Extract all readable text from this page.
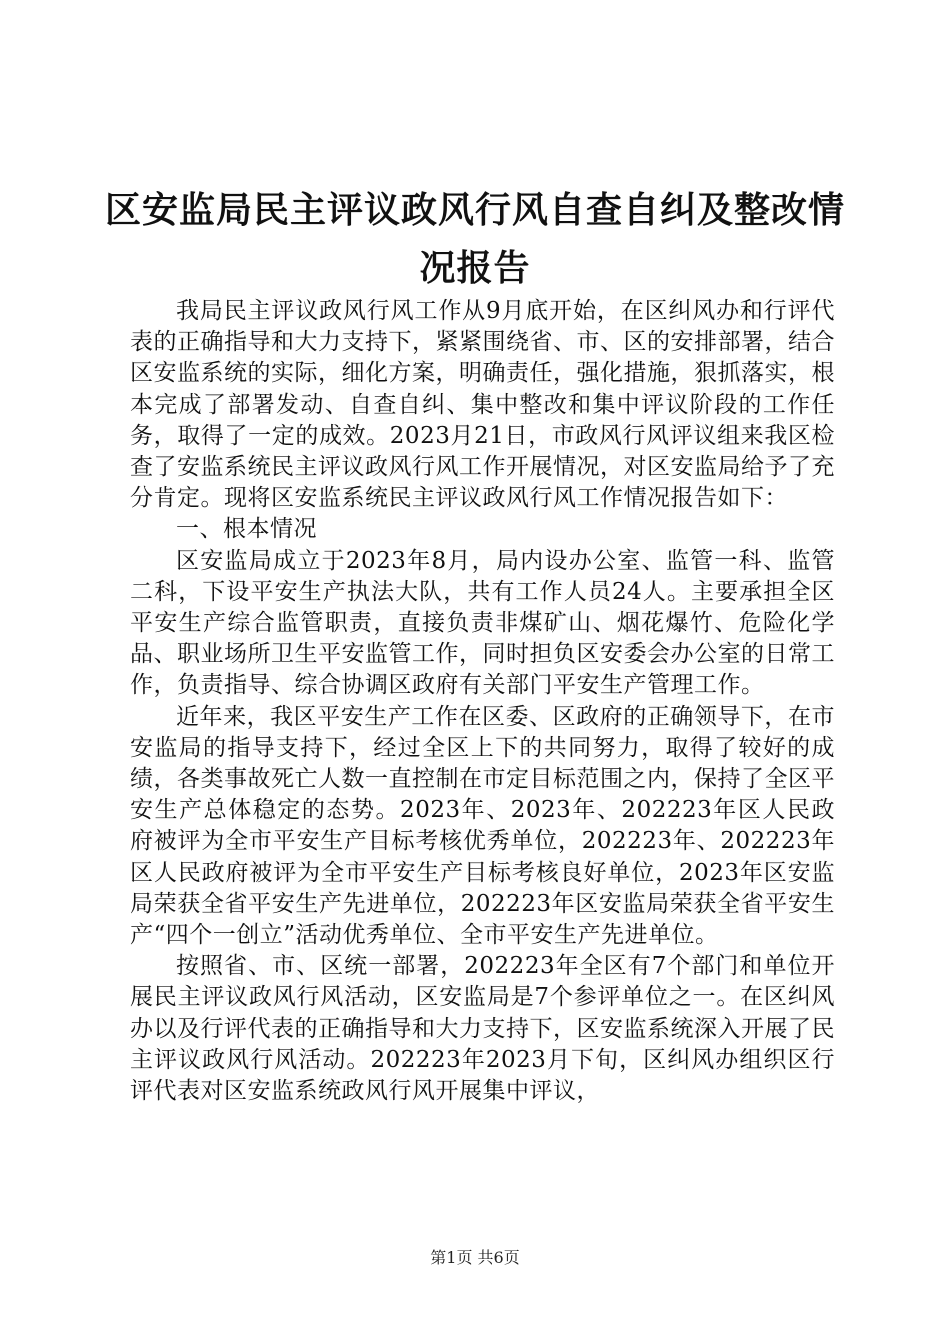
区安监局民主评议政风行风自查自纠及整改情
况报告

我局民主评议政风行风工作从9月底开始，在区纠风办和行评代表的正确指导和大力支持下，紧紧围绕省、市、区的安排部署，结合区安监系统的实际，细化方案，明确责任，强化措施，狠抓落实，根本完成了部署发动、自查自纠、集中整改和集中评议阶段的工作任务，取得了一定的成效。2023月21日，市政风行风评议组来我区检查了安监系统民主评议政风行风工作开展情况，对区安监局给予了充分肯定。现将区安监系统民主评议政风行风工作情况报告如下：

一、根本情况

区安监局成立于2023年8月，局内设办公室、监管一科、监管二科，下设平安生产执法大队，共有工作人员24人。主要承担全区平安生产综合监管职责，直接负责非煤矿山、烟花爆竹、危险化学品、职业场所卫生平安监管工作，同时担负区安委会办公室的日常工作，负责指导、综合协调区政府有关部门平安生产管理工作。

近年来，我区平安生产工作在区委、区政府的正确领导下，在市安监局的指导支持下，经过全区上下的共同努力，取得了较好的成绩，各类事故死亡人数一直控制在市定目标范围之内，保持了全区平安生产总体稳定的态势。2023年、2023年、202223年区人民政府被评为全市平安生产目标考核优秀单位，202223年、202223年区人民政府被评为全市平安生产目标考核良好单位，2023年区安监局荣获全省平安生产先进单位，202223年区安监局荣获全省平安生产“四个一创立”活动优秀单位、全市平安生产先进单位。

按照省、市、区统一部署，202223年全区有7个部门和单位开展民主评议政风行风活动，区安监局是7个参评单位之一。在区纠风办以及行评代表的正确指导和大力支持下，区安监系统深入开展了民主评议政风行风活动。202223年2023月下旬，区纠风办组织区行评代表对区安监系统政风行风开展集中评议，

第1页 共6页
